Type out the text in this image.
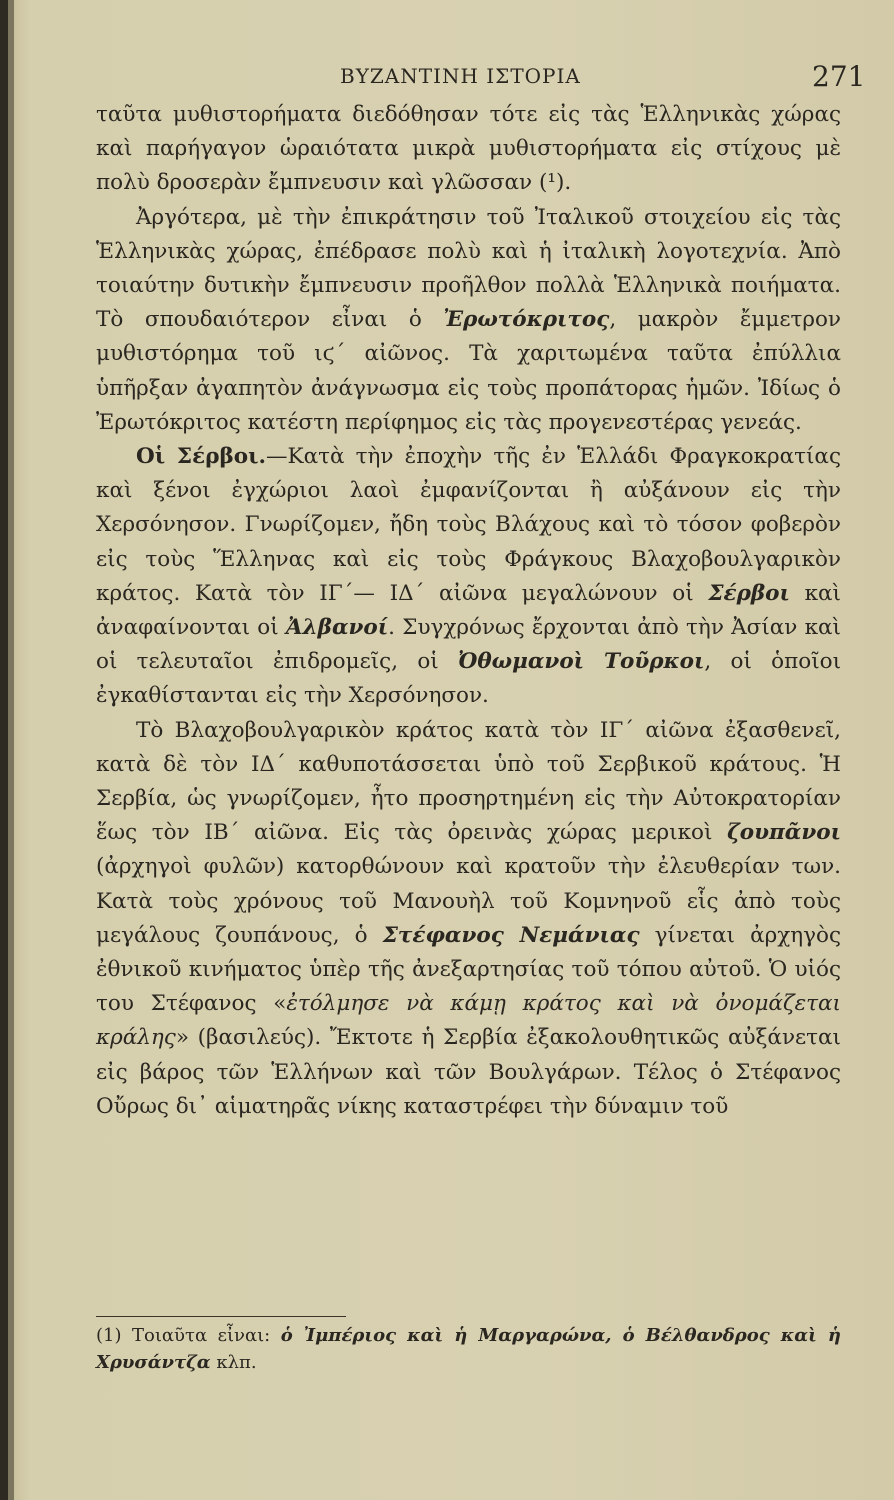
ΒΥΖΑΝΤΙΝΗ ΙΣΤΟΡΙΑ	271

ταῦτα μυθιστορήματα διεδόθησαν τότε εἰς τὰς Ἑλληνικὰς χώρας καὶ παρήγαγον ὡραιότατα μικρὰ μυθιστορήματα εἰς στίχους μὲ πολὺ δροσερὰν ἔμπνευσιν καὶ γλῶσσαν (¹).

Ἀργότερα, μὲ τὴν ἐπικράτησιν τοῦ Ἰταλικοῦ στοιχείου εἰς τὰς Ἑλληνικὰς χώρας, ἐπέδρασε πολὺ καὶ ἡ ἰταλικὴ λογοτεχνία. Ἀπὸ τοιαύτην δυτικὴν ἔμπνευσιν προῆλθον πολλὰ Ἑλληνικὰ ποιήματα. Τὸ σπουδαιότερον εἶναι ὁ Ἐρωτόκριτος, μακρὸν ἔμμετρον μυθιστόρημα τοῦ ιϛ΄ αἰῶνος. Τὰ χαριτωμένα ταῦτα ἐπύλλια ὑπῆρξαν ἀγαπητὸν ἀνάγνωσμα εἰς τοὺς προπάτορας ἡμῶν. Ἰδίως ὁ Ἐρωτόκριτος κατέστη περίφημος εἰς τὰς προγενεστέρας γενεάς.

Οἱ Σέρβοι.—Κατὰ τὴν ἐποχὴν τῆς ἐν Ἑλλάδι Φραγκοκρατίας καὶ ξένοι ἐγχώριοι λαοὶ ἐμφανίζονται ἢ αὐξάνουν εἰς τὴν Χερσόνησον. Γνωρίζομεν, ἤδη τοὺς Βλάχους καὶ τὸ τόσον φοβερὸν εἰς τοὺς Ἕλληνας καὶ εἰς τοὺς Φράγκους Βλαχοβουλγαρικὸν κράτος. Κατὰ τὸν ΙΓ΄— ΙΔ΄ αἰῶνα μεγαλώνουν οἱ Σέρβοι καὶ ἀναφαίνονται οἱ Ἀλβανοί. Συγχρόνως ἔρχονται ἀπὸ τὴν Ἀσίαν καὶ οἱ τελευταῖοι ἐπιδρομεῖς, οἱ Ὀθωμανοὶ Τοῦρκοι, οἱ ὁποῖοι ἐγκαθίστανται εἰς τὴν Χερσόνησον.

Τὸ Βλαχοβουλγαρικὸν κράτος κατὰ τὸν ΙΓ΄ αἰῶνα ἐξασθενεῖ, κατὰ δὲ τὸν ΙΔ΄ καθυποτάσσεται ὑπὸ τοῦ Σερβικοῦ κράτους. Ἡ Σερβία, ὡς γνωρίζομεν, ἦτο προσηρτημένη εἰς τὴν Αὐτοκρατορίαν ἕως τὸν ΙΒ΄ αἰῶνα. Εἰς τὰς ὀρεινὰς χώρας μερικοὶ ζουπᾶνοι (ἀρχηγοὶ φυλῶν) κατορθώνουν καὶ κρατοῦν τὴν ἐλευθερίαν των. Κατὰ τοὺς χρόνους τοῦ Μανουὴλ τοῦ Κομνηνοῦ εἷς ἀπὸ τοὺς μεγάλους ζουπάνους, ὁ Στέφανος Νεμάνιας γίνεται ἀρχηγὸς ἐθνικοῦ κινήματος ὑπὲρ τῆς ἀνεξαρτησίας τοῦ τόπου αὐτοῦ. Ὁ υἱός του Στέφανος «ἐτόλμησε νὰ κάμῃ κράτος καὶ νὰ ὀνομάζεται κράλης» (βασιλεύς). Ἔκτοτε ἡ Σερβία ἐξακολουθητικῶς αὐξάνεται εἰς βάρος τῶν Ἑλλήνων καὶ τῶν Βουλγάρων. Τέλος ὁ Στέφανος Οὔρως δι᾽ αἱματηρᾶς νίκης καταστρέφει τὴν δύναμιν τοῦ

(1) Τοιαῦτα εἶναι: ὁ Ἰμπέριος καὶ ἡ Μαργαρώνα, ὁ Βέλθανδρος καὶ ἡ Χρυσάντζα κλπ.
